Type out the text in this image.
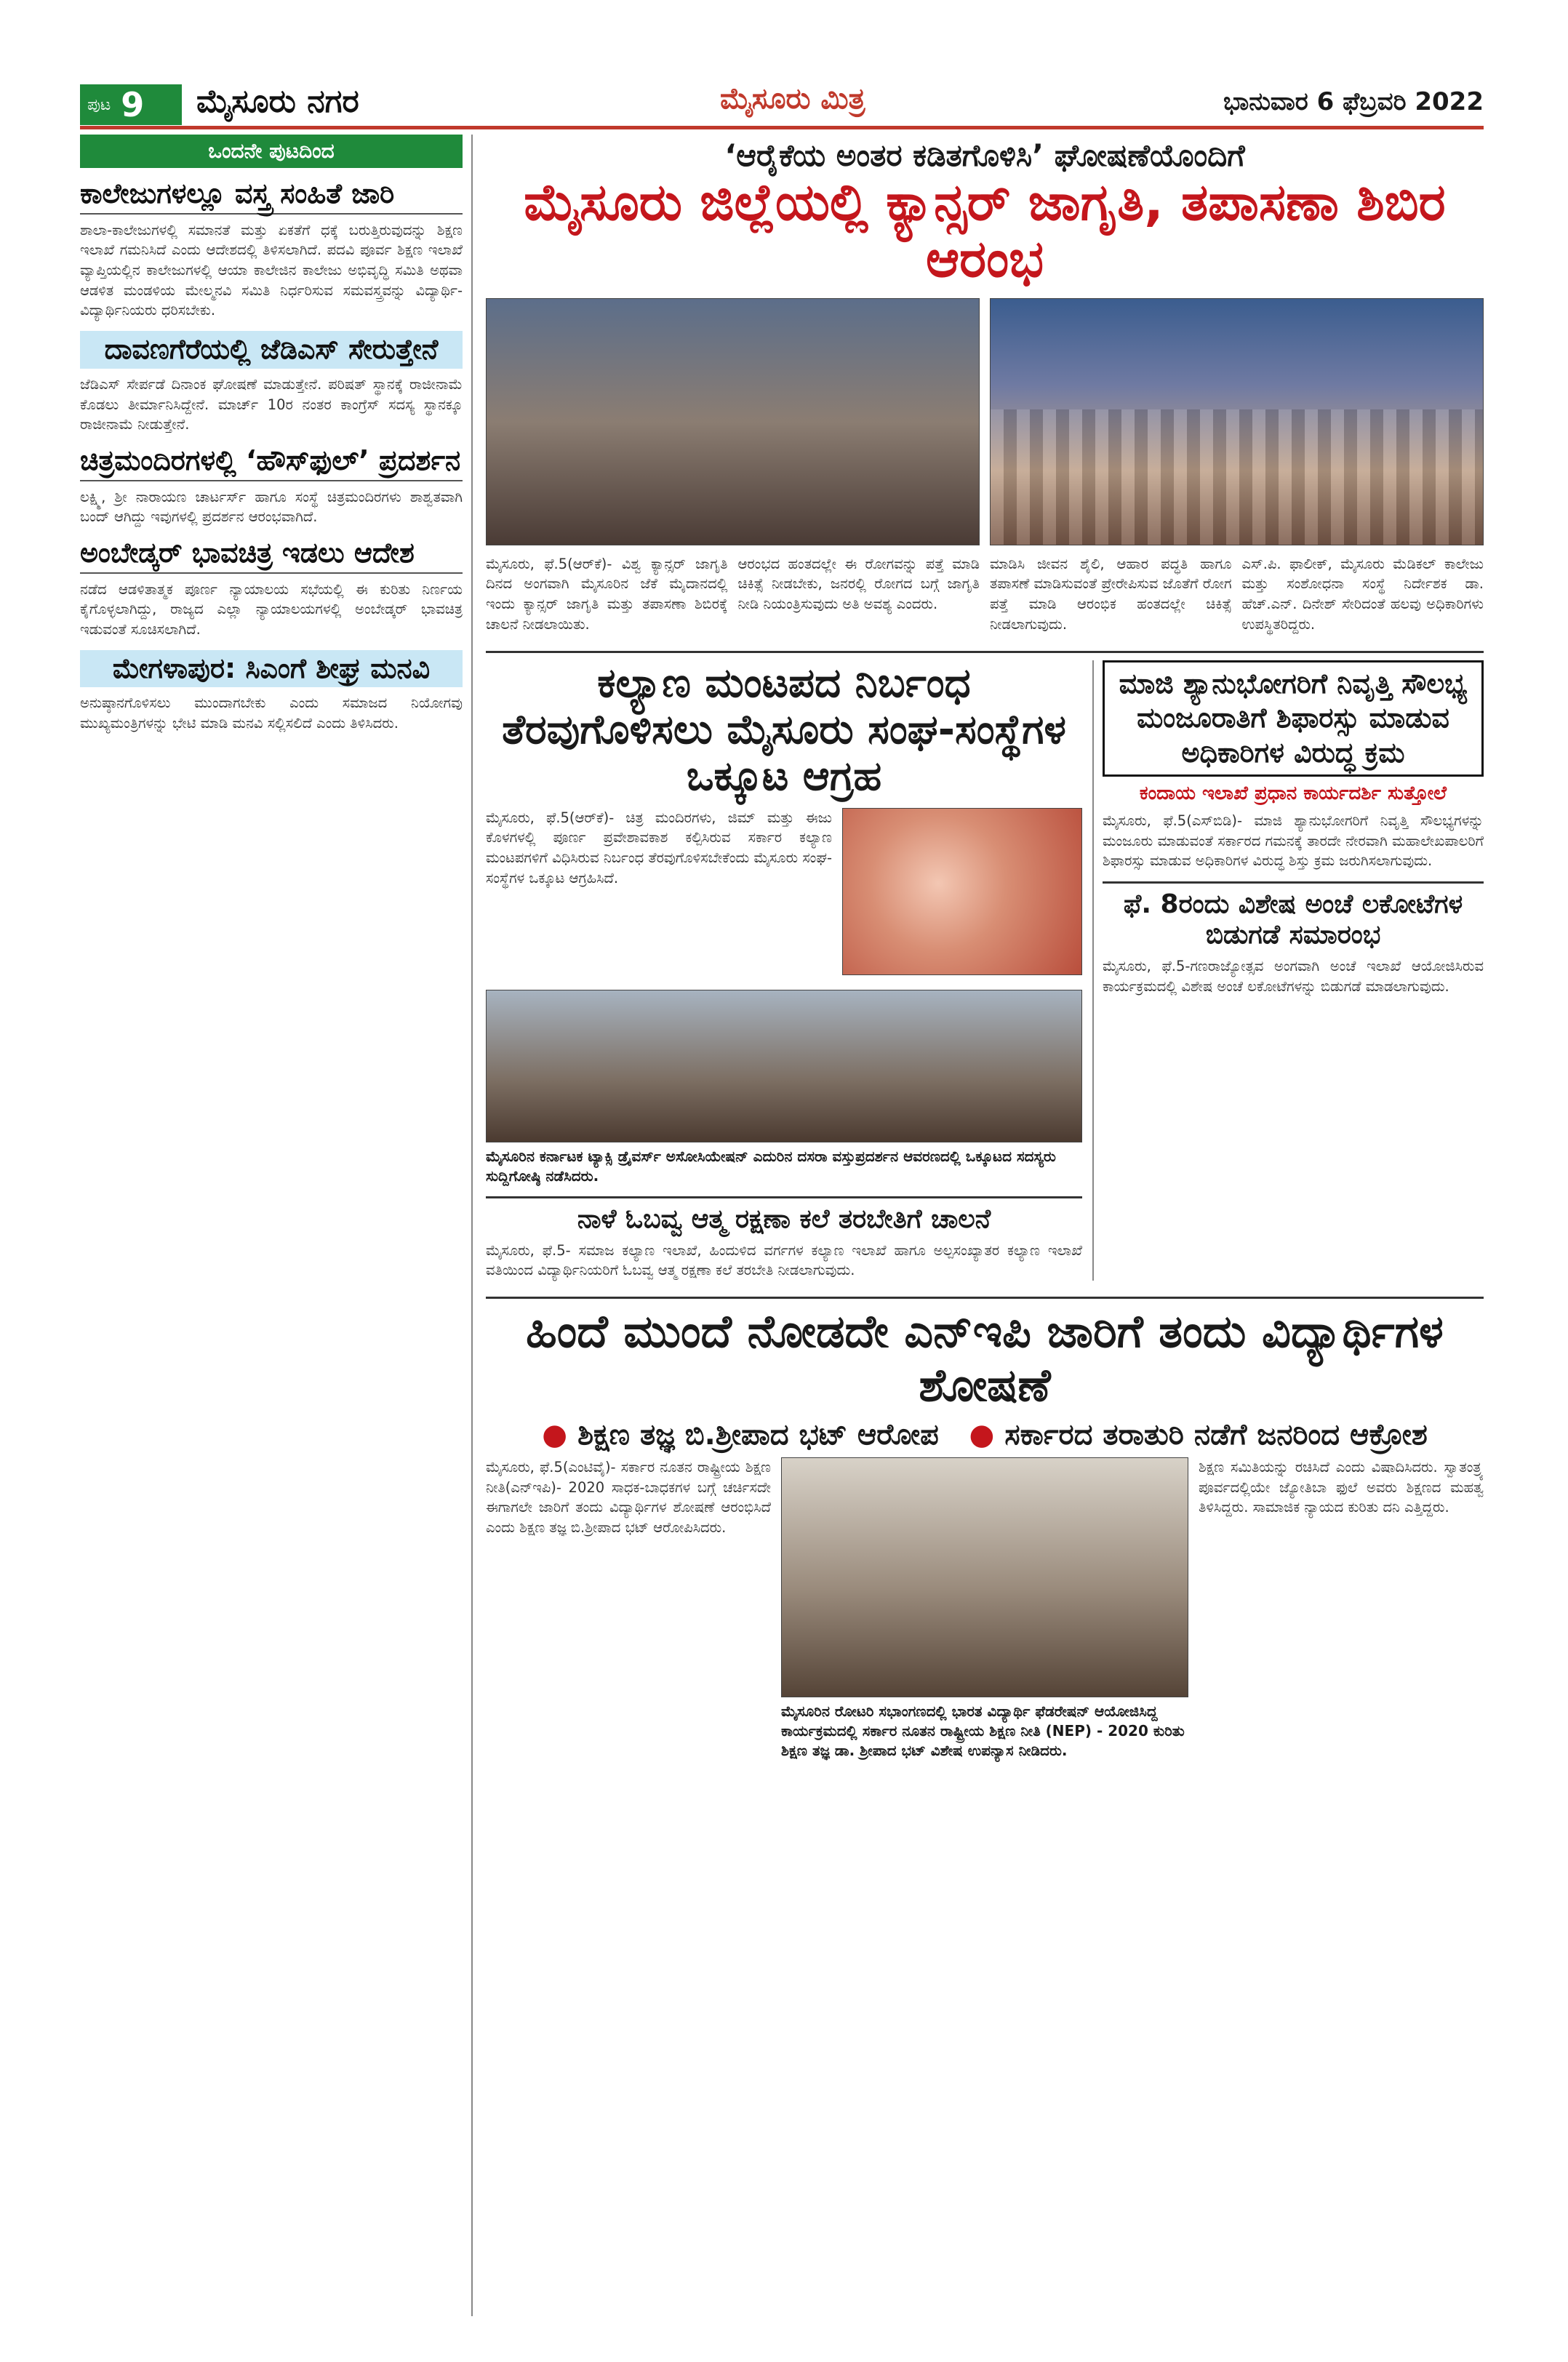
ಪುಟ 9 ಮೈಸೂರು ನಗರ	ಮೈಸೂರು ಮಿತ್ರ	ಭಾನುವಾರ 6 ಫೆಬ್ರವರಿ 2022
ಒಂದನೇ ಪುಟದಿಂದ
ಕಾಲೇಜುಗಳಲ್ಲೂ ವಸ್ತ್ರ ಸಂಹಿತೆ ಜಾರಿ

ಶಾಲಾ-ಕಾಲೇಜುಗಳಲ್ಲಿ ಸಮಾನತೆ ಮತ್ತು ಏಕತೆಗೆ ಧಕ್ಕೆ ಬರುತ್ತಿರುವುದನ್ನು ಶಿಕ್ಷಣ ಇಲಾಖೆ ಗಮನಿಸಿದೆ ಎಂದು ಆದೇಶದಲ್ಲಿ ತಿಳಿಸಲಾಗಿದೆ. ಪದವಿ ಪೂರ್ವ ಶಿಕ್ಷಣ ಇಲಾಖೆ ವ್ಯಾಪ್ತಿಯಲ್ಲಿನ ಕಾಲೇಜುಗಳಲ್ಲಿ ಆಯಾ ಕಾಲೇಜಿನ ಕಾಲೇಜು ಅಭಿವೃದ್ಧಿ ಸಮಿತಿ ಅಥವಾ ಆಡಳಿತ ಮಂಡಳಿಯ ಮೇಲ್ಮನವಿ ಸಮಿತಿ ನಿರ್ಧರಿಸುವ ಸಮವಸ್ತ್ರವನ್ನು ವಿದ್ಯಾರ್ಥಿ-ವಿದ್ಯಾರ್ಥಿನಿಯರು ಧರಿಸಬೇಕು.

ದಾವಣಗೆರೆಯಲ್ಲಿ ಜೆಡಿಎಸ್ ಸೇರುತ್ತೇನೆ

ಜೆಡಿಎಸ್ ಸೇರ್ಪಡೆ ದಿನಾಂಕ ಘೋಷಣೆ ಮಾಡುತ್ತೇನೆ. ಪರಿಷತ್ ಸ್ಥಾನಕ್ಕೆ ರಾಜೀನಾಮೆ ಕೊಡಲು ತೀರ್ಮಾನಿಸಿದ್ದೇನೆ. ಮಾರ್ಚ್ 10ರ ನಂತರ ಕಾಂಗ್ರೆಸ್ ಸದಸ್ಯ ಸ್ಥಾನಕ್ಕೂ ರಾಜೀನಾಮೆ ನೀಡುತ್ತೇನೆ.

ಚಿತ್ರಮಂದಿರಗಳಲ್ಲಿ ‘ಹೌಸ್‌ಫುಲ್’ ಪ್ರದರ್ಶನ

ಲಕ್ಷ್ಮಿ, ಶ್ರೀ ನಾರಾಯಣ ಚಾರ್ಟರ್ಸ್ ಹಾಗೂ ಸಂಸ್ಥೆ ಚಿತ್ರಮಂದಿರಗಳು ಶಾಶ್ವತವಾಗಿ ಬಂದ್ ಆಗಿದ್ದು ಇವುಗಳಲ್ಲಿ ಪ್ರದರ್ಶನ ಆರಂಭವಾಗಿದೆ.

ಅಂಬೇಡ್ಕರ್ ಭಾವಚಿತ್ರ ಇಡಲು ಆದೇಶ

ನಡೆದ ಆಡಳಿತಾತ್ಮಕ ಪೂರ್ಣ ನ್ಯಾಯಾಲಯ ಸಭೆಯಲ್ಲಿ ಈ ಕುರಿತು ನಿರ್ಣಯ ಕೈಗೊಳ್ಳಲಾಗಿದ್ದು, ರಾಜ್ಯದ ಎಲ್ಲಾ ನ್ಯಾಯಾಲಯಗಳಲ್ಲಿ ಅಂಬೇಡ್ಕರ್ ಭಾವಚಿತ್ರ ಇಡುವಂತೆ ಸೂಚಿಸಲಾಗಿದೆ.

ಮೇಗಳಾಪುರ: ಸಿಎಂಗೆ ಶೀಘ್ರ ಮನವಿ

ಅನುಷ್ಠಾನಗೊಳಿಸಲು ಮುಂದಾಗಬೇಕು ಎಂದು ಸಮಾಜದ ನಿಯೋಗವು ಮುಖ್ಯಮಂತ್ರಿಗಳನ್ನು ಭೇಟಿ ಮಾಡಿ ಮನವಿ ಸಲ್ಲಿಸಲಿದೆ ಎಂದು ತಿಳಿಸಿದರು.

‘ಆರೈಕೆಯ ಅಂತರ ಕಡಿತಗೊಳಿಸಿ’ ಘೋಷಣೆಯೊಂದಿಗೆ
ಮೈಸೂರು ಜಿಲ್ಲೆಯಲ್ಲಿ ಕ್ಯಾನ್ಸರ್ ಜಾಗೃತಿ, ತಪಾಸಣಾ ಶಿಬಿರ ಆರಂಭ
ಮೈಸೂರು, ಫೆ.5(ಆರ್‌ಕೆ)- ವಿಶ್ವ ಕ್ಯಾನ್ಸರ್ ಜಾಗೃತಿ ದಿನದ ಅಂಗವಾಗಿ ಮೈಸೂರಿನ ಜೆಕೆ ಮೈದಾನದಲ್ಲಿ ಇಂದು ಕ್ಯಾನ್ಸರ್ ಜಾಗೃತಿ ಮತ್ತು ತಪಾಸಣಾ ಶಿಬಿರಕ್ಕೆ ಚಾಲನೆ ನೀಡಲಾಯಿತು.
ಆರಂಭದ ಹಂತದಲ್ಲೇ ಈ ರೋಗವನ್ನು ಪತ್ತೆ ಮಾಡಿ ಚಿಕಿತ್ಸೆ ನೀಡಬೇಕು, ಜನರಲ್ಲಿ ರೋಗದ ಬಗ್ಗೆ ಜಾಗೃತಿ ನೀಡಿ ನಿಯಂತ್ರಿಸುವುದು ಅತಿ ಅವಶ್ಯ ಎಂದರು.
ಮಾಡಿಸಿ ಜೀವನ ಶೈಲಿ, ಆಹಾರ ಪದ್ಧತಿ ಹಾಗೂ ತಪಾಸಣೆ ಮಾಡಿಸುವಂತೆ ಪ್ರೇರೇಪಿಸುವ ಜೊತೆಗೆ ರೋಗ ಪತ್ತೆ ಮಾಡಿ ಆರಂಭಿಕ ಹಂತದಲ್ಲೇ ಚಿಕಿತ್ಸೆ ನೀಡಲಾಗುವುದು.
ಎಸ್.ಪಿ. ಫಾಲೀಕ್, ಮೈಸೂರು ಮೆಡಿಕಲ್ ಕಾಲೇಜು ಮತ್ತು ಸಂಶೋಧನಾ ಸಂಸ್ಥೆ ನಿರ್ದೇಶಕ ಡಾ. ಹೆಚ್.ಎನ್. ದಿನೇಶ್ ಸೇರಿದಂತೆ ಹಲವು ಅಧಿಕಾರಿಗಳು ಉಪಸ್ಥಿತರಿದ್ದರು.
ಕಲ್ಯಾಣ ಮಂಟಪದ ನಿರ್ಬಂಧ ತೆರವುಗೊಳಿಸಲು ಮೈಸೂರು ಸಂಘ-ಸಂಸ್ಥೆಗಳ ಒಕ್ಕೂಟ ಆಗ್ರಹ
ಮೈಸೂರು, ಫೆ.5(ಆರ್‌ಕೆ)- ಚಿತ್ರ ಮಂದಿರಗಳು, ಜಿಮ್ ಮತ್ತು ಈಜು ಕೊಳಗಳಲ್ಲಿ ಪೂರ್ಣ ಪ್ರವೇಶಾವಕಾಶ ಕಲ್ಪಿಸಿರುವ ಸರ್ಕಾರ ಕಲ್ಯಾಣ ಮಂಟಪಗಳಿಗೆ ವಿಧಿಸಿರುವ ನಿರ್ಬಂಧ ತೆರವುಗೊಳಿಸಬೇಕೆಂದು ಮೈಸೂರು ಸಂಘ-ಸಂಸ್ಥೆಗಳ ಒಕ್ಕೂಟ ಆಗ್ರಹಿಸಿದೆ.
ಮೈಸೂರಿನ ಕರ್ನಾಟಕ ಟ್ಯಾಕ್ಸಿ ಡ್ರೈವರ್ಸ್ ಅಸೋಸಿಯೇಷನ್ ಎದುರಿನ ದಸರಾ ವಸ್ತುಪ್ರದರ್ಶನ ಆವರಣದಲ್ಲಿ ಒಕ್ಕೂಟದ ಸದಸ್ಯರು ಸುದ್ದಿಗೋಷ್ಠಿ ನಡೆಸಿದರು.
ನಾಳೆ ಓಬವ್ವ ಆತ್ಮ ರಕ್ಷಣಾ ಕಲೆ ತರಬೇತಿಗೆ ಚಾಲನೆ
ಮೈಸೂರು, ಫೆ.5- ಸಮಾಜ ಕಲ್ಯಾಣ ಇಲಾಖೆ, ಹಿಂದುಳಿದ ವರ್ಗಗಳ ಕಲ್ಯಾಣ ಇಲಾಖೆ ಹಾಗೂ ಅಲ್ಪಸಂಖ್ಯಾತರ ಕಲ್ಯಾಣ ಇಲಾಖೆ ವತಿಯಿಂದ ವಿದ್ಯಾರ್ಥಿನಿಯರಿಗೆ ಓಬವ್ವ ಆತ್ಮ ರಕ್ಷಣಾ ಕಲೆ ತರಬೇತಿ ನೀಡಲಾಗುವುದು.
ಮಾಜಿ ಶ್ಯಾನುಭೋಗರಿಗೆ ನಿವೃತ್ತಿ ಸೌಲಭ್ಯ ಮಂಜೂರಾತಿಗೆ ಶಿಫಾರಸ್ಸು ಮಾಡುವ ಅಧಿಕಾರಿಗಳ ವಿರುದ್ಧ ಕ್ರಮ
ಕಂದಾಯ ಇಲಾಖೆ ಪ್ರಧಾನ ಕಾರ್ಯದರ್ಶಿ ಸುತ್ತೋಲೆ
ಮೈಸೂರು, ಫೆ.5(ಎಸ್‌ಬಿಡಿ)- ಮಾಜಿ ಶ್ಯಾನುಭೋಗರಿಗೆ ನಿವೃತ್ತಿ ಸೌಲಭ್ಯಗಳನ್ನು ಮಂಜೂರು ಮಾಡುವಂತೆ ಸರ್ಕಾರದ ಗಮನಕ್ಕೆ ತಾರದೇ ನೇರವಾಗಿ ಮಹಾಲೇಖಪಾಲರಿಗೆ ಶಿಫಾರಸ್ಸು ಮಾಡುವ ಅಧಿಕಾರಿಗಳ ವಿರುದ್ಧ ಶಿಸ್ತು ಕ್ರಮ ಜರುಗಿಸಲಾಗುವುದು.
ಫೆ. 8ರಂದು ವಿಶೇಷ ಅಂಚೆ ಲಕೋಟೆಗಳ ಬಿಡುಗಡೆ ಸಮಾರಂಭ
ಮೈಸೂರು, ಫೆ.5-ಗಣರಾಜ್ಯೋತ್ಸವ ಅಂಗವಾಗಿ ಅಂಚೆ ಇಲಾಖೆ ಆಯೋಜಿಸಿರುವ ಕಾರ್ಯಕ್ರಮದಲ್ಲಿ ವಿಶೇಷ ಅಂಚೆ ಲಕೋಟೆಗಳನ್ನು ಬಿಡುಗಡೆ ಮಾಡಲಾಗುವುದು.
ಹಿಂದೆ ಮುಂದೆ ನೋಡದೇ ಎನ್‌ಇಪಿ ಜಾರಿಗೆ ತಂದು ವಿದ್ಯಾರ್ಥಿಗಳ ಶೋಷಣೆ
● ಶಿಕ್ಷಣ ತಜ್ಞ ಬಿ.ಶ್ರೀಪಾದ ಭಟ್ ಆರೋಪ ● ಸರ್ಕಾರದ ತರಾತುರಿ ನಡೆಗೆ ಜನರಿಂದ ಆಕ್ರೋಶ
ಮೈಸೂರು, ಫೆ.5(ಎಂಟಿವೈ)- ಸರ್ಕಾರ ನೂತನ ರಾಷ್ಟ್ರೀಯ ಶಿಕ್ಷಣ ನೀತಿ(ಎನ್‌ಇಪಿ)- 2020 ಸಾಧಕ-ಬಾಧಕಗಳ ಬಗ್ಗೆ ಚರ್ಚಿಸದೇ ಈಗಾಗಲೇ ಜಾರಿಗೆ ತಂದು ವಿದ್ಯಾರ್ಥಿಗಳ ಶೋಷಣೆ ಆರಂಭಿಸಿದೆ ಎಂದು ಶಿಕ್ಷಣ ತಜ್ಞ ಬಿ.ಶ್ರೀಪಾದ ಭಟ್ ಆರೋಪಿಸಿದರು.
ಮೈಸೂರಿನ ರೋಟರಿ ಸಭಾಂಗಣದಲ್ಲಿ ಭಾರತ ವಿದ್ಯಾರ್ಥಿ ಫೆಡರೇಷನ್ ಆಯೋಜಿಸಿದ್ದ ಕಾರ್ಯಕ್ರಮದಲ್ಲಿ ಸರ್ಕಾರ ನೂತನ ರಾಷ್ಟ್ರೀಯ ಶಿಕ್ಷಣ ನೀತಿ (NEP) - 2020 ಕುರಿತು ಶಿಕ್ಷಣ ತಜ್ಞ ಡಾ. ಶ್ರೀಪಾದ ಭಟ್ ವಿಶೇಷ ಉಪನ್ಯಾಸ ನೀಡಿದರು.
ಶಿಕ್ಷಣ ಸಮಿತಿಯನ್ನು ರಚಿಸಿದೆ ಎಂದು ವಿಷಾದಿಸಿದರು. ಸ್ವಾತಂತ್ರ್ಯ ಪೂರ್ವದಲ್ಲಿಯೇ ಜ್ಯೋತಿಬಾ ಫುಲೆ ಅವರು ಶಿಕ್ಷಣದ ಮಹತ್ವ ತಿಳಿಸಿದ್ದರು. ಸಾಮಾಜಿಕ ನ್ಯಾಯದ ಕುರಿತು ದನಿ ಎತ್ತಿದ್ದರು.
